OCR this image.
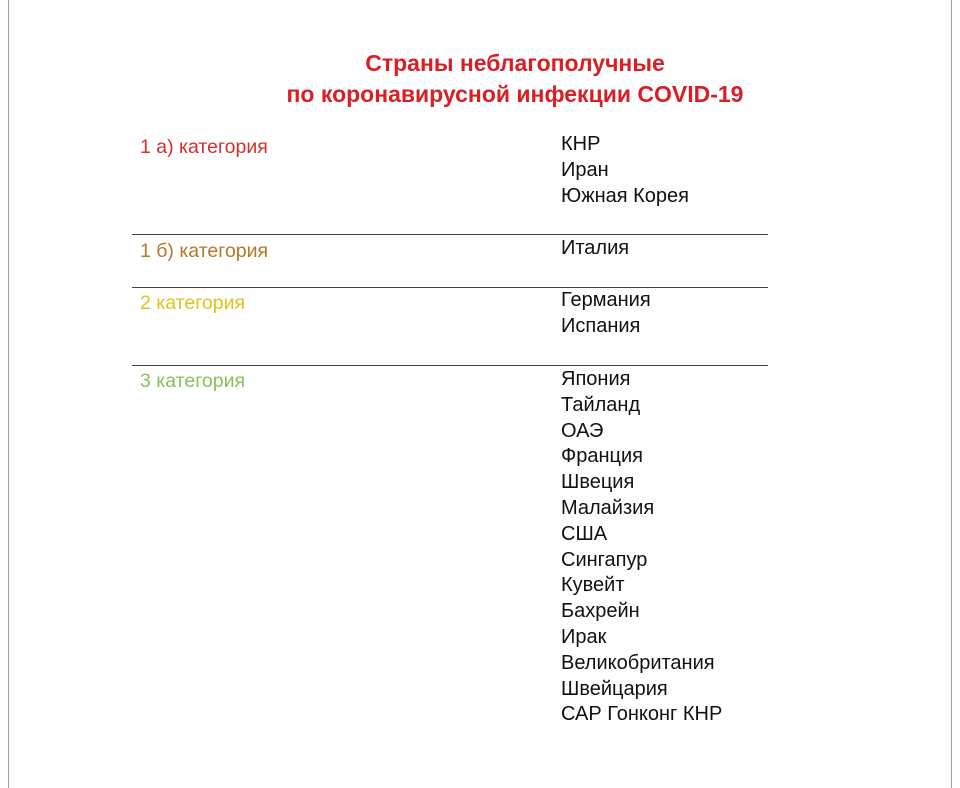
Страны неблагополучные
по коронавирусной инфекции COVID-19
1 а) категория	КНР
Иран
Южная Корея
1 б) категория	Италия
2 категория	Германия
Испания
3 категория	Япония
Тайланд
ОАЭ
Франция
Швеция
Малайзия
США
Сингапур
Кувейт
Бахрейн
Ирак
Великобритания
Швейцария
САР Гонконг КНР
